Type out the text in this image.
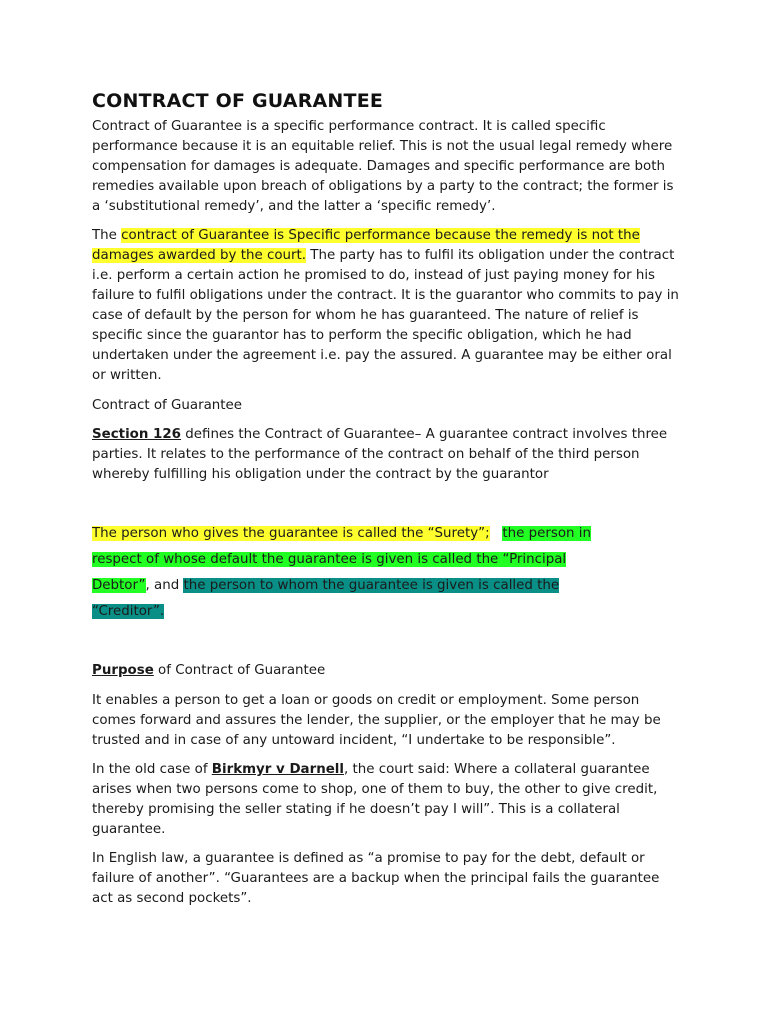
CONTRACT OF GUARANTEE

Contract of Guarantee is a specific performance contract. It is called specific performance because it is an equitable relief. This is not the usual legal remedy where compensation for damages is adequate. Damages and specific performance are both remedies available upon breach of obligations by a party to the contract; the former is a ‘substitutional remedy’, and the latter a ‘specific remedy’.

The contract of Guarantee is Specific performance because the remedy is not the damages awarded by the court. The party has to fulfil its obligation under the contract i.e. perform a certain action he promised to do, instead of just paying money for his failure to fulfil obligations under the contract. It is the guarantor who commits to pay in case of default by the person for whom he has guaranteed. The nature of relief is specific since the guarantor has to perform the specific obligation, which he had undertaken under the agreement i.e. pay the assured. A guarantee may be either oral or written.

Contract of Guarantee

Section 126 defines the Contract of Guarantee– A guarantee contract involves three parties. It relates to the performance of the contract on behalf of the third person whereby fulfilling his obligation under the contract by the guarantor

The person who gives the guarantee is called the “Surety”; the person in respect of whose default the guarantee is given is called the “Principal Debtor”, and the person to whom the guarantee is given is called the “Creditor”.

Purpose of Contract of Guarantee

It enables a person to get a loan or goods on credit or employment. Some person comes forward and assures the lender, the supplier, or the employer that he may be trusted and in case of any untoward incident, “I undertake to be responsible”.

In the old case of Birkmyr v Darnell, the court said: Where a collateral guarantee arises when two persons come to shop, one of them to buy, the other to give credit, thereby promising the seller stating if he doesn’t pay I will”. This is a collateral guarantee.

In English law, a guarantee is defined as “a promise to pay for the debt, default or failure of another”. “Guarantees are a backup when the principal fails the guarantee act as second pockets”.
